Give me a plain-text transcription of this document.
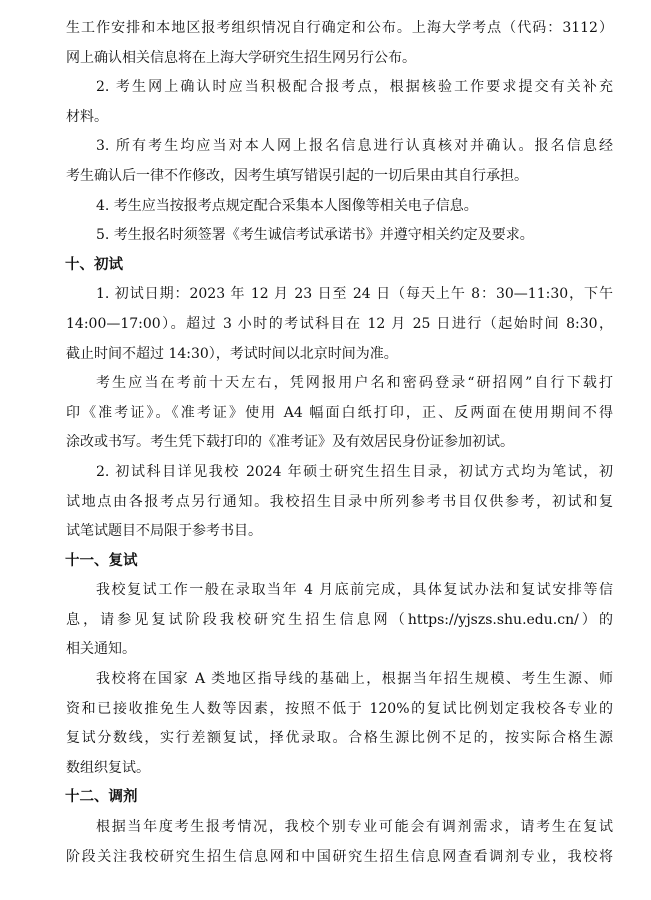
生工作安排和本地区报考组织情况自行确定和公布。上海大学考点（代码：3112）
网上确认相关信息将在上海大学研究生招生网另行公布。
2. 考生网上确认时应当积极配合报考点，根据核验工作要求提交有关补充
材料。
3. 所有考生均应当对本人网上报名信息进行认真核对并确认。报名信息经
考生确认后一律不作修改，因考生填写错误引起的一切后果由其自行承担。
4. 考生应当按报考点规定配合采集本人图像等相关电子信息。
5. 考生报名时须签署《考生诚信考试承诺书》并遵守相关约定及要求。
十、初试
1. 初试日期：2023 年 12 月 23 日至 24 日（每天上午 8：30—11:30，下午
14:00—17:00）。超过 3 小时的考试科目在 12 月 25 日进行（起始时间 8:30，
截止时间不超过 14:30），考试时间以北京时间为准。
考生应当在考前十天左右，凭网报用户名和密码登录“研招网”自行下载打
印《准考证》。《准考证》使用 A4 幅面白纸打印，正、反两面在使用期间不得
涂改或书写。考生凭下载打印的《准考证》及有效居民身份证参加初试。
2. 初试科目详见我校 2024 年硕士研究生招生目录，初试方式均为笔试，初
试地点由各报考点另行通知。我校招生目录中所列参考书目仅供参考，初试和复
试笔试题目不局限于参考书目。
十一、复试
我校复试工作一般在录取当年 4 月底前完成，具体复试办法和复试安排等信
息，请参见复试阶段我校研究生招生信息网（https://yjszs.shu.edu.cn/）的
相关通知。
我校将在国家 A 类地区指导线的基础上，根据当年招生规模、考生生源、师
资和已接收推免生人数等因素，按照不低于 120%的复试比例划定我校各专业的
复试分数线，实行差额复试，择优录取。合格生源比例不足的，按实际合格生源
数组织复试。
十二、调剂
根据当年度考生报考情况，我校个别专业可能会有调剂需求，请考生在复试
阶段关注我校研究生招生信息网和中国研究生招生信息网查看调剂专业，我校将
